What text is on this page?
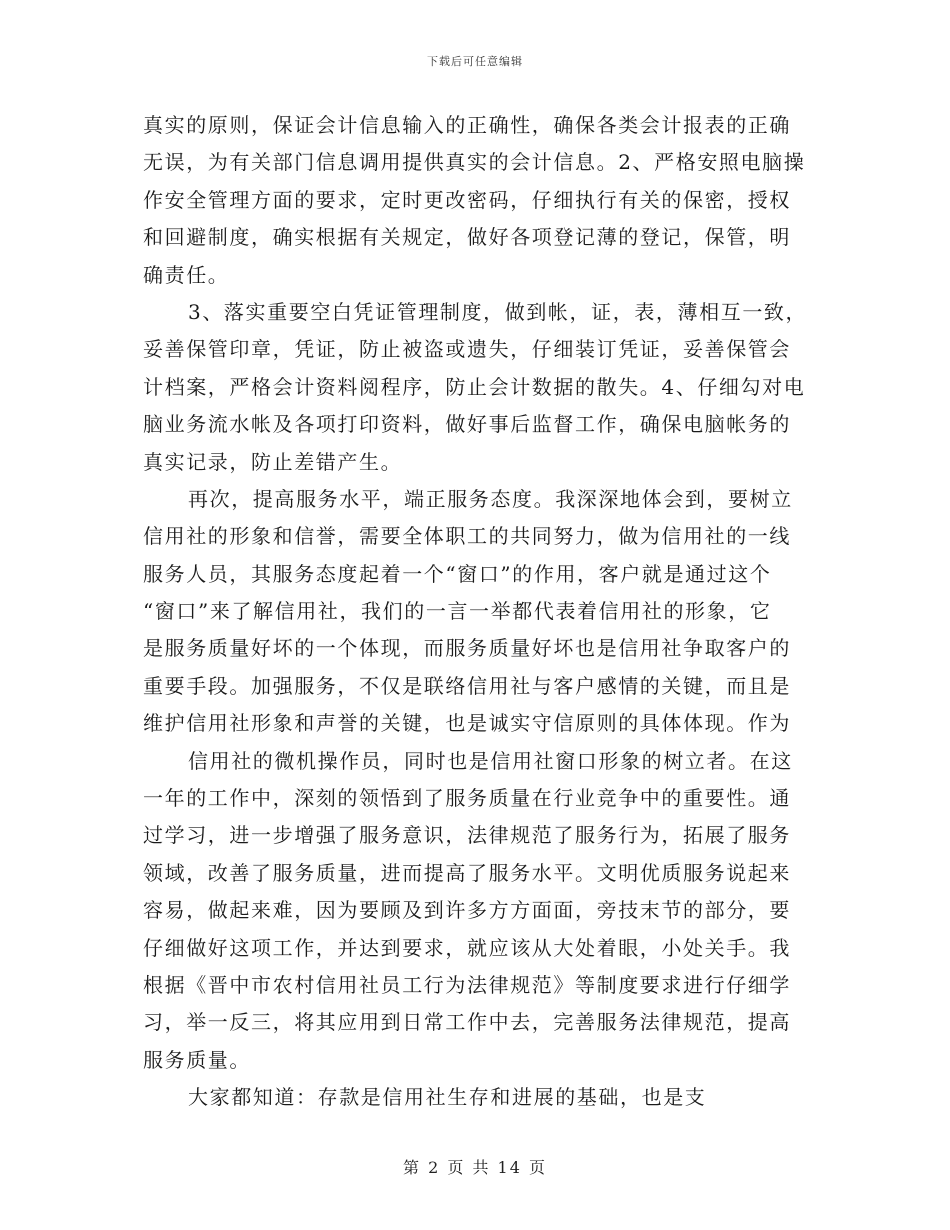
下载后可任意编辑
真实的原则，保证会计信息输入的正确性，确保各类会计报表的正确
无误，为有关部门信息调用提供真实的会计信息。2、严格安照电脑操
作安全管理方面的要求，定时更改密码，仔细执行有关的保密，授权
和回避制度，确实根据有关规定，做好各项登记薄的登记，保管，明
确责任。
3、落实重要空白凭证管理制度，做到帐，证，表，薄相互一致，
妥善保管印章，凭证，防止被盗或遗失，仔细装订凭证，妥善保管会
计档案，严格会计资料阅程序，防止会计数据的散失。4、仔细勾对电
脑业务流水帐及各项打印资料，做好事后监督工作，确保电脑帐务的
真实记录，防止差错产生。
再次，提高服务水平，端正服务态度。我深深地体会到，要树立
信用社的形象和信誉，需要全体职工的共同努力，做为信用社的一线
服务人员，其服务态度起着一个“窗口”的作用，客户就是通过这个
“窗口”来了解信用社，我们的一言一举都代表着信用社的形象，它
是服务质量好坏的一个体现，而服务质量好坏也是信用社争取客户的
重要手段。加强服务，不仅是联络信用社与客户感情的关键，而且是
维护信用社形象和声誉的关键，也是诚实守信原则的具体体现。作为
信用社的微机操作员，同时也是信用社窗口形象的树立者。在这
一年的工作中，深刻的领悟到了服务质量在行业竞争中的重要性。通
过学习，进一步增强了服务意识，法律规范了服务行为，拓展了服务
领域，改善了服务质量，进而提高了服务水平。文明优质服务说起来
容易，做起来难，因为要顾及到许多方方面面，旁技末节的部分，要
仔细做好这项工作，并达到要求，就应该从大处着眼，小处关手。我
根据《晋中市农村信用社员工行为法律规范》等制度要求进行仔细学
习，举一反三，将其应用到日常工作中去，完善服务法律规范，提高
服务质量。
大家都知道：存款是信用社生存和进展的基础，也是支
第 2 页 共 14 页
